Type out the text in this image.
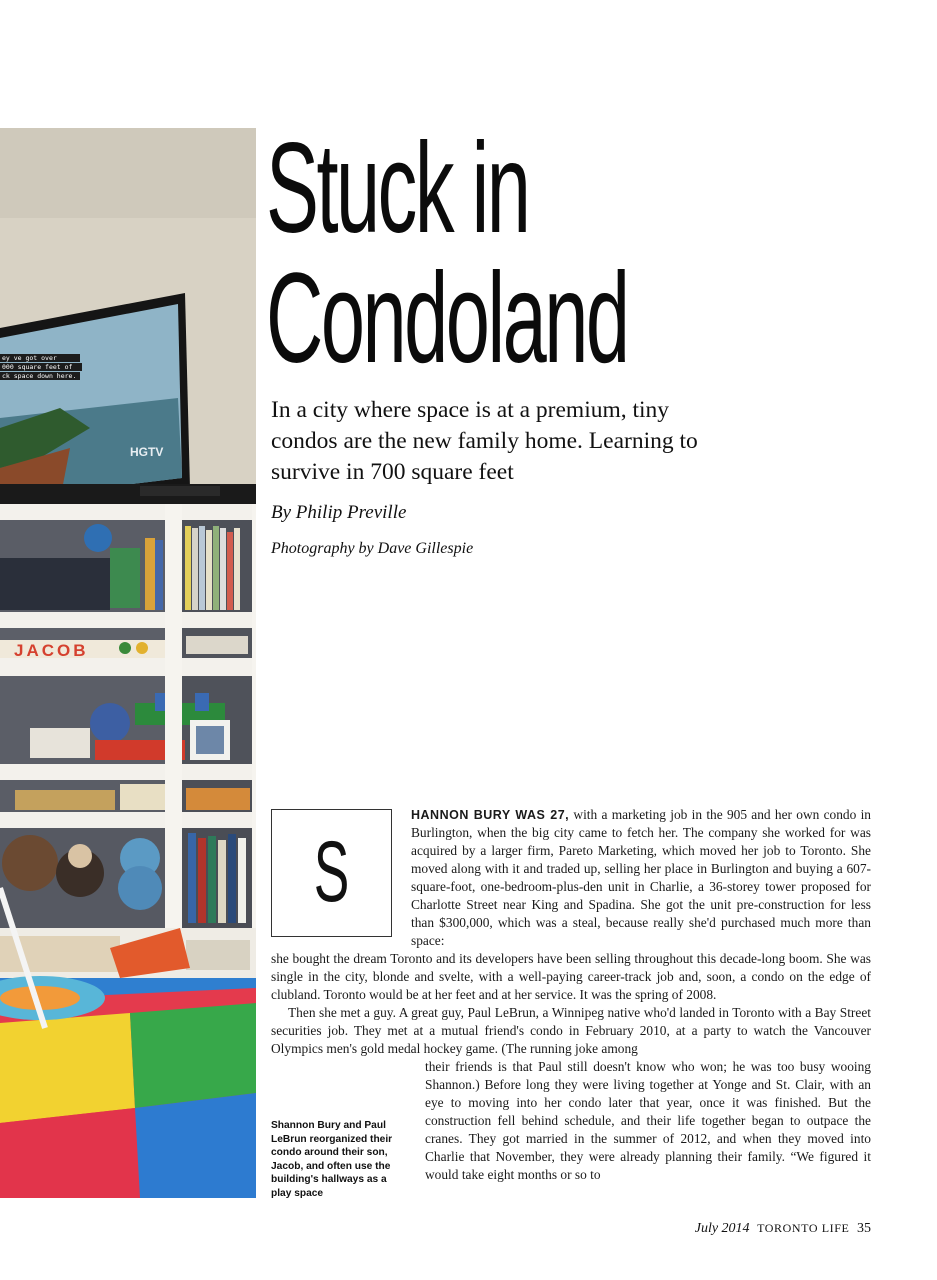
ey ve got over
000 square feet of
ck space down here.
HGTV
JACOB
Stuck in
Condoland

In a city where space is at a premium, tiny condos are the new family home. Learning to survive in 700 square feet

By Philip Preville
Photography by Dave Gillespie
S

HANNON BURY WAS 27, with a marketing job in the 905 and her own condo in Burlington, when the big city came to fetch her. The company she worked for was acquired by a larger firm, Pareto Marketing, which moved her job to Toronto. She moved along with it and traded up, selling her place in Burlington and buying a 607-square-foot, one-bedroom-plus-den unit in Charlie, a 36-storey tower proposed for Charlotte Street near King and Spadina. She got the unit pre-construction for less than $300,000, which was a steal, because really she'd purchased much more than space:

she bought the dream Toronto and its developers have been selling throughout this decade-long boom. She was single in the city, blonde and svelte, with a well-paying career-track job and, soon, a condo on the edge of clubland. Toronto would be at her feet and at her service. It was the spring of 2008.

Then she met a guy. A great guy, Paul LeBrun, a Winnipeg native who'd landed in Toronto with a Bay Street securities job. They met at a mutual friend's condo in February 2010, at a party to watch the Vancouver Olympics men's gold medal hockey game. (The running joke among

their friends is that Paul still doesn't know who won; he was too busy wooing Shannon.) Before long they were living together at Yonge and St. Clair, with an eye to moving into her condo later that year, once it was finished. But the construction fell behind schedule, and their life together began to outpace the cranes. They got married in the summer of 2012, and when they moved into Charlie that November, they were already planning their family. “We figured it would take eight months or so to

Shannon Bury and Paul LeBrun reorganized their condo around their son, Jacob, and often use the building's hallways as a play space

July 2014 TORONTO LIFE 35
